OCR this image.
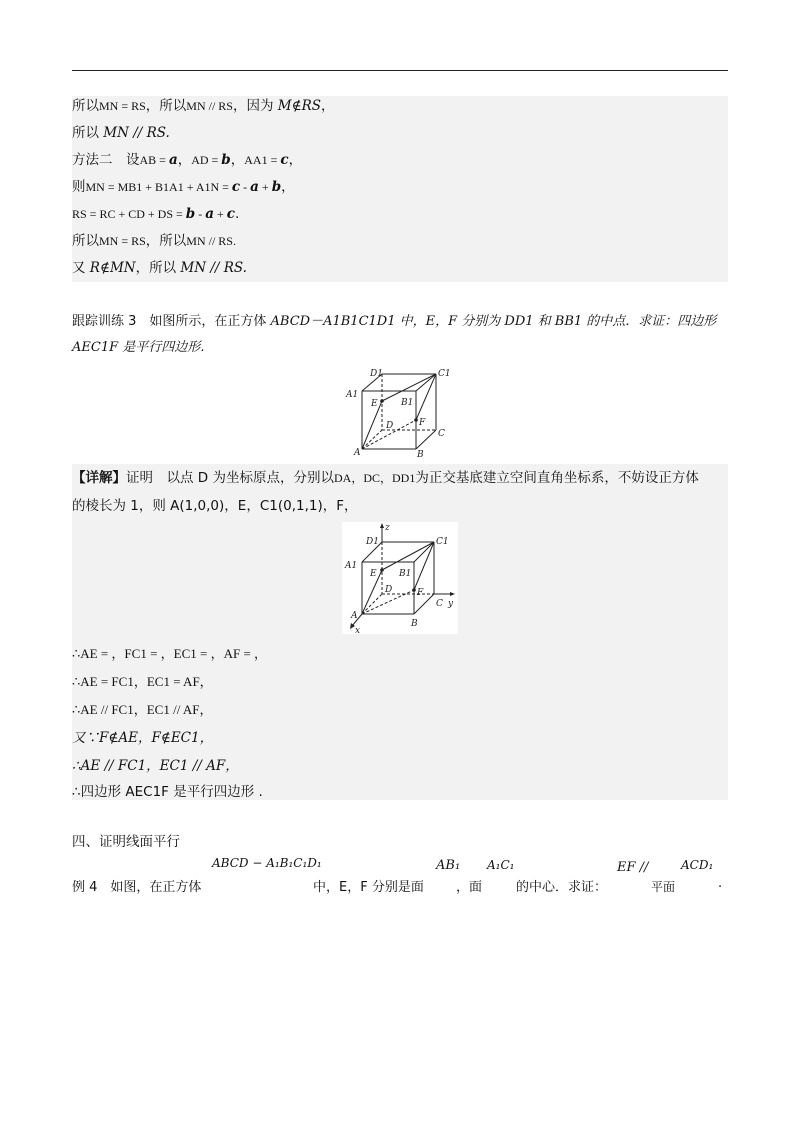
所以MN = RS，所以MN // RS，因为 M∉RS，
所以 MN // RS.
方法二　设AB = a，AD = b，AA1 = c，
则MN = MB1 + B1A1 + A1N = c - a + b，
RS = RC + CD + DS = b - a + c.
所以MN = RS，所以MN // RS.
又 R∉MN，所以 MN // RS.
跟踪训练 3　如图所示，在正方体 ABCD－A1B1C1D1 中，E，F 分别为 DD1 和 BB1 的中点．求证：四边形
AEC1F 是平行四边形．
D1	C1
A1
B1
E
D	F
C
A	B
【详解】证明　以点 D 为坐标原点，分别以DA，DC，DD1为正交基底建立空间直角坐标系，不妨设正方体
的棱长为 1，则 A(1,0,0)，E，C1(0,1,1)，F，
z
D1	C1
A1
B1
E
D	F
C y
A
B
x
∴AE = ，FC1 = ，EC1 = ，AF = ，
∴AE = FC1，EC1 = AF，
∴AE // FC1，EC1 // AF，
又∵F∉AE，F∉EC1，
∴AE // FC1，EC1 // AF，
∴四边形 AEC1F 是平行四边形 .
四、证明线面平行
例 4　如图，在正方体
ABCD − A₁B₁C₁D₁
中，E，F 分别是面
AB₁
，面
A₁C₁
的中心．求证：
EF //
平面
ACD₁
.
